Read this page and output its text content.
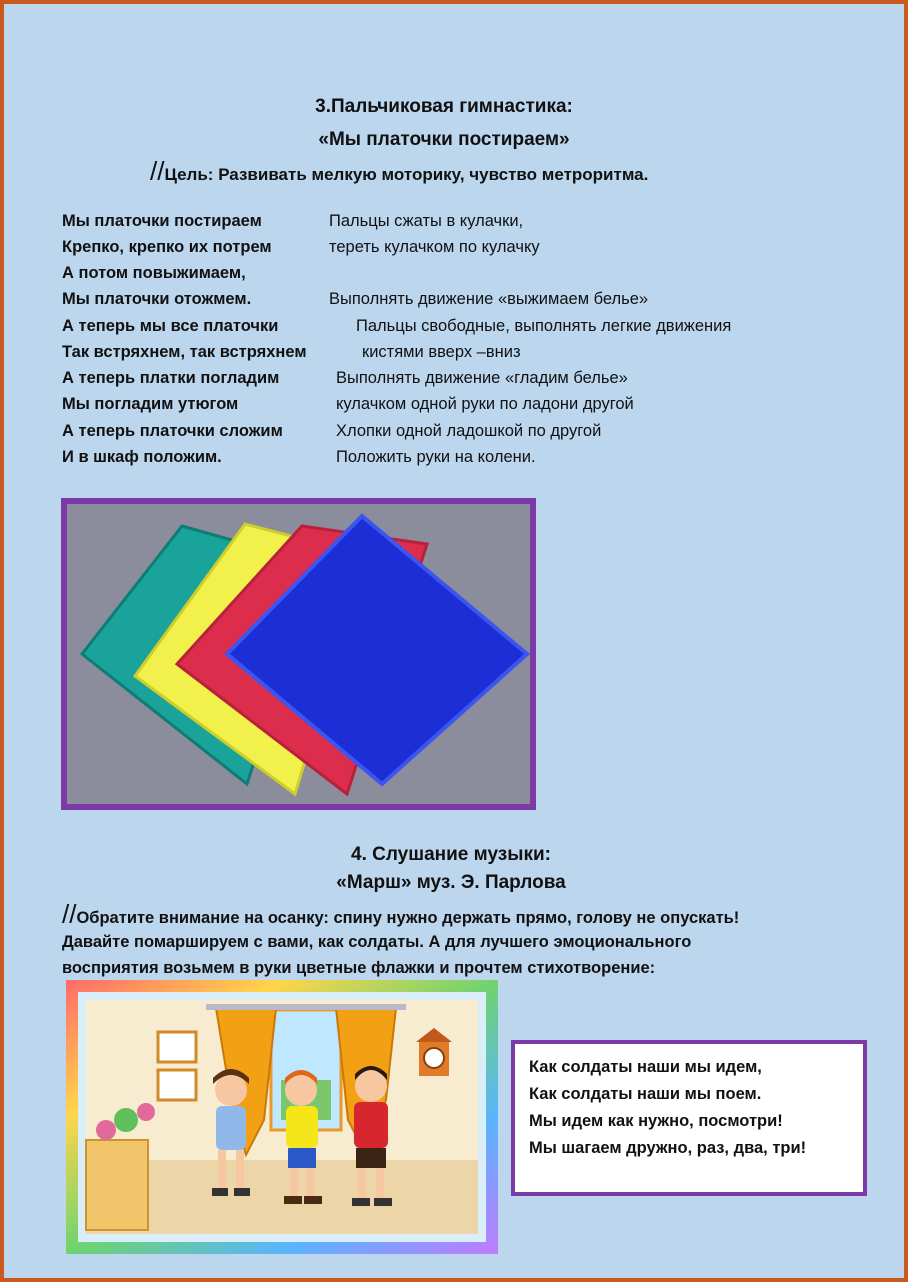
3.Пальчиковая гимнастика:
«Мы платочки постираем»
//Цель: Развивать мелкую моторику, чувство метроритма.
Мы платочки постираем	Пальцы сжаты в кулачки,
Крепко, крепко их потрем	тереть кулачком по кулачку
А потом повыжимаем,
Мы платочки отожмем.	Выполнять движение «выжимаем белье»
А теперь мы все платочки	Пальцы свободные, выполнять легкие движения
Так встряхнем, так встряхнем	кистями вверх –вниз
А теперь платки погладим	Выполнять движение «гладим белье»
Мы погладим утюгом	кулачком одной руки по ладони другой
А теперь платочки сложим	Хлопки одной ладошкой по другой
И в шкаф положим.	Положить руки на колени.
4. Слушание музыки:
«Марш» муз. Э. Парлова
//Обратите внимание на осанку: спину нужно держать прямо, голову не опускать!
Давайте помаршируем с вами, как солдаты. А для лучшего эмоционального
восприятия возьмем в руки цветные флажки и прочтем стихотворение:
Как солдаты наши мы идем,
Как солдаты наши мы поем.
Мы идем как нужно, посмотри!
Мы шагаем дружно, раз, два, три!
